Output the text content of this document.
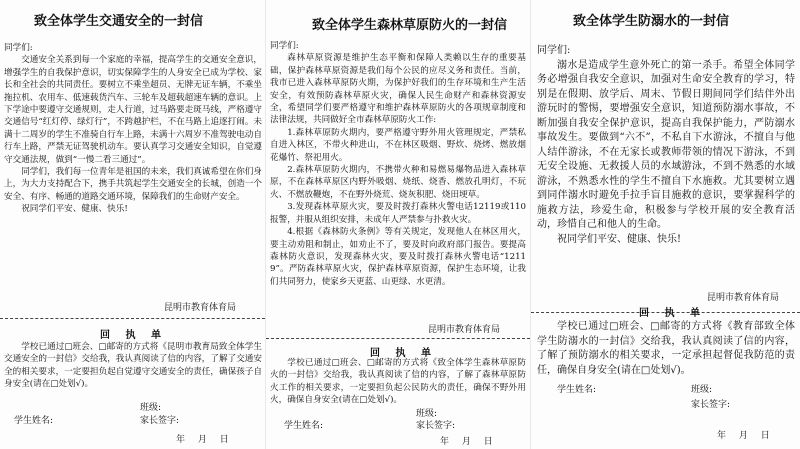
致全体学生交通安全的一封信

同学们:

交通安全关系到每一个家庭的幸福，提高学生的交通安全意识，增强学生的自我保护意识，切实保障学生的人身安全已成为学校、家长和全社会的共同责任。要树立不乘坐超员、无牌无证车辆，不乘坐拖拉机、农用车、低速载货汽车、三轮车及超载超速车辆的意识。上下学途中要遵守交通规则，走人行道，过马路要走斑马线，严格遵守交通信号“红灯停、绿灯行”，不跨越护栏，不在马路上追逐打闹。未满十二周岁的学生不准骑自行车上路，未满十六周岁不准驾驶电动自行车上路，严禁无证驾驶机动车。要认真学习交通安全知识，自觉遵守交通法规，做到“一慢二看三通过”。

同学们，我们每一位青年是祖国的未来，我们真诚希望在你们身上，为大力支持配合下，携手共筑起学生交通安全的长城，创造一个安全、有序、畅通的道路交通环境，保障我们的生命财产安全。

祝同学们平安、健康、快乐!

昆明市教育体育局
回 执 单

学校已通过□班会、□邮寄的方式将《昆明市教育局致全体学生交通安全的一封信》交给我，我认真阅读了信的内容，了解了交通安全的相关要求，一定要担负起自觉遵守交通安全的责任，确保孩子自身安全(请在□处划√)。

班级:
学生姓名:	家长签字:
年 月 日
致全体学生森林草原防火的一封信

同学们:

森林草原资源是维护生态平衡和保障人类赖以生存的重要基础，保护森林草原资源是我们每个公民的应尽义务和责任。当前，我市已进入森林草原防火期，为保护好我们的生存环境和生产生活安全，有效预防森林草原火灾，确保人民生命财产和森林资源安全，希望同学们要严格遵守和维护森林草原防火的各项规章制度和法律法规，共同做好全市森林草原防火工作:

1.森林草原防火期内，要严格遵守野外用火管理规定，严禁私自进入林区，不带火种进山，不在林区吸烟、野炊、烧烤、燃放烟花爆竹、祭祀用火。

2.森林草原防火期内，不携带火种和易燃易爆物品进入森林草原，不在森林草原区内野外吸烟、烧纸、烧香、燃放孔明灯，不玩火、不燃放鞭炮，不在野外烧荒、烧灰积肥、烧田埂草。

3.发现森林草原火灾，要及时拨打森林火警电话12119或110报警，并服从组织安排，未成年人严禁参与扑救火灾。

4.根据《森林防火条例》等有关规定，发现他人在林区用火，要主动劝阻和制止，如劝止不了，要及时向政府部门报告。要提高森林防火意识，发现森林火灾，要及时拨打森林火警电话“12119”。严防森林草原火灾，保护森林草原资源，保护生态环境，让我们共同努力，使家乡天更蓝、山更绿、水更清。

昆明市教育体育局
回 执 单

学校已通过□班会、□邮寄的方式将《致全体学生森林草原防火的一封信》交给我，我认真阅读了信的内容，了解了森林草原防火工作的相关要求，一定要担负起公民防火的责任，确保不野外用火，确保自身安全(请在□处划√)。

班级:
学生姓名:	家长签字:
年 月 日
致全体学生防溺水的一封信

同学们:

溺水是造成学生意外死亡的第一杀手。希望全体同学务必增强自我安全意识，加强对生命安全教育的学习，特别是在假期、放学后、周末、节假日期间同学们结伴外出游玩时的警惕，要增强安全意识，知道预防溺水事故，不断加强自我安全保护意识，提高自我保护能力，严防溺水事故发生。要做到“六不”，不私自下水游泳，不擅自与他人结伴游泳，不在无家长或教师带领的情况下游泳，不到无安全设施、无救援人员的水域游泳，不到不熟悉的水域游泳，不熟悉水性的学生不擅自下水施救。尤其要树立遇到同伴溺水时避免手拉手盲目施救的意识，要掌握科学的施救方法，珍爱生命，积极参与学校开展的安全教育活动，珍惜自己和他人的生命。

祝同学们平安、健康、快乐!

昆明市教育体育局
回 执 单

学校已通过□班会、□邮寄的方式将《教育部致全体学生防溺水的一封信》交给我，我认真阅读了信的内容，了解了预防溺水的相关要求，一定承担起督促我防范的责任，确保自身安全(请在□处划√)。

学生姓名:	班级:
家长签字:
年 月 日
